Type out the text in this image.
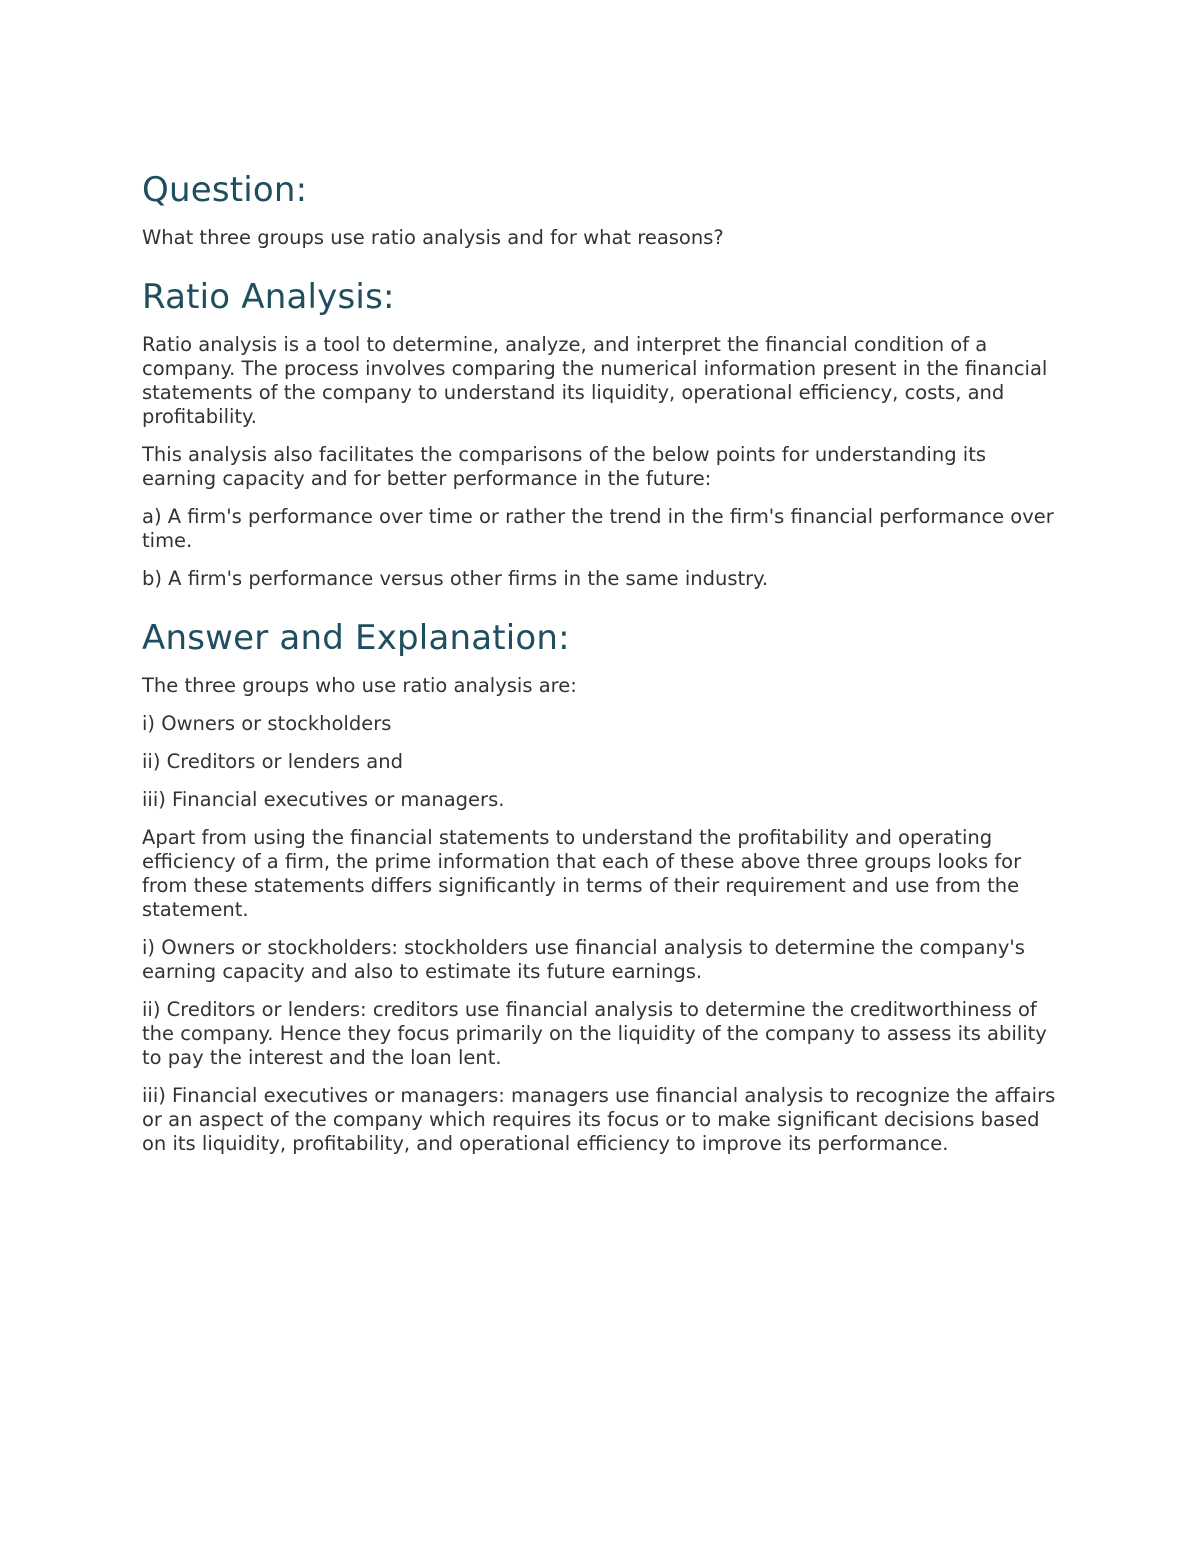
Question:

What three groups use ratio analysis and for what reasons?

Ratio Analysis:

Ratio analysis is a tool to determine, analyze, and interpret the financial condition of a company. The process involves comparing the numerical information present in the financial statements of the company to understand its liquidity, operational efficiency, costs, and profitability.

This analysis also facilitates the comparisons of the below points for understanding its earning capacity and for better performance in the future:

a) A firm's performance over time or rather the trend in the firm's financial performance over time.

b) A firm's performance versus other firms in the same industry.

Answer and Explanation:

The three groups who use ratio analysis are:

i) Owners or stockholders

ii) Creditors or lenders and

iii) Financial executives or managers.

Apart from using the financial statements to understand the profitability and operating efficiency of a firm, the prime information that each of these above three groups looks for from these statements differs significantly in terms of their requirement and use from the statement.

i) Owners or stockholders: stockholders use financial analysis to determine the company's earning capacity and also to estimate its future earnings.

ii) Creditors or lenders: creditors use financial analysis to determine the creditworthiness of the company. Hence they focus primarily on the liquidity of the company to assess its ability to pay the interest and the loan lent.

iii) Financial executives or managers: managers use financial analysis to recognize the affairs or an aspect of the company which requires its focus or to make significant decisions based on its liquidity, profitability, and operational efficiency to improve its performance.
